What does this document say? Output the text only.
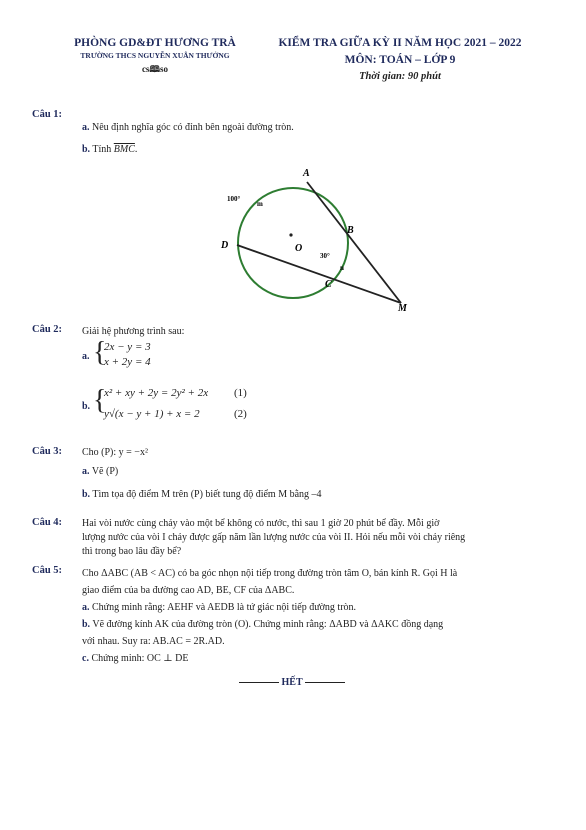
PHÒNG GD&ĐT HƯƠNG TRÀ
TRƯỜNG THCS NGUYỄN XUÂN THƯỞNG
cs🕮so
KIỂM TRA GIỮA KỲ II NĂM HỌC 2021 – 2022
MÔN: TOÁN – LỚP 9
Thời gian: 90 phút
Câu 1:
a. Nêu định nghĩa góc có đỉnh bên ngoài đường tròn.
b. Tính $\overline{BMC}$.
A
B
C
D	O
M
m
n
100°
30°
Câu 2: Giải hệ phương trình sau:
a. {
2x − y = 3
x + 2y = 4
b. {
x² + xy + 2y = 2y² + 2x (1)
y√(x − y + 1) + x = 2	(2)
Câu 3: Cho (P): y = −x²
a. Vẽ (P)
b. Tìm tọa độ điểm M trên (P) biết tung độ điểm M bằng –4
Câu 4: Hai vòi nước cùng chảy vào một bể không có nước, thì sau 1 giờ 20 phút bể đầy. Mỗi giờ
lượng nước của vòi I chảy được gấp năm lần lượng nước của vòi II. Hỏi nếu mỗi vòi chảy riêng
thì trong bao lâu đầy bể?
Câu 5: Cho ΔABC (AB < AC) có ba góc nhọn nội tiếp trong đường tròn tâm O, bán kính R. Gọi H là
giao điểm của ba đường cao AD, BE, CF của ΔABC.
a. Chứng minh rằng: AEHF và AEDB là tứ giác nội tiếp đường tròn.
b. Vẽ đường kính AK của đường tròn (O). Chứng minh rằng: ΔABD và ΔAKC đồng dạng
với nhau. Suy ra: AB.AC = 2R.AD.
c. Chứng minh: OC ⊥ DE
HẾT
